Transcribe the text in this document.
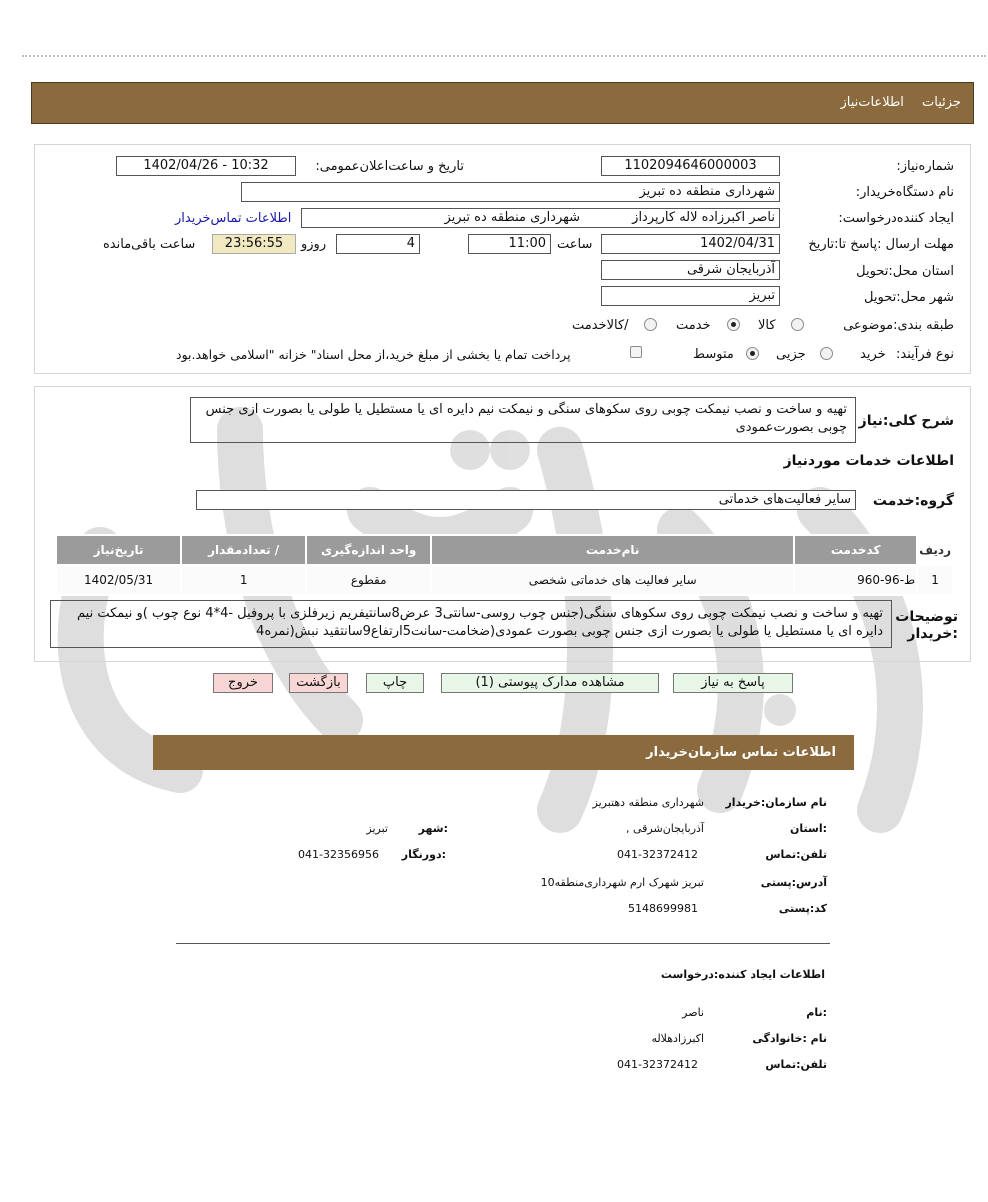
جزئیات اطلاعات‌نیاز
شماره‌نیاز:
1102094646000003
تاریخ و ساعت‌اعلان‌عمومی:
1402/04/26 - 10:32
نام دستگاه‌خریدار:
شهرداری منطقه ده تبریز
ایجاد کننده‌درخواست:
ناصر اکبرزاده لاله کارپرداز شهرداری منطقه ده تبریز
اطلاعات تماس‌خریدار
مهلت ارسال :پاسخ تا:تاریخ
1402/04/31
ساعت
11:00
4
روزو
23:56:55
ساعت باقی‌مانده
استان محل:تحویل
آذربایجان شرقی
شهر محل:تحویل
تبریز
طبقه بندی:موضوعی
کالا
خدمت
/کالاخدمت
نوع فرآیند:
خرید
جزیی
متوسط
پرداخت تمام یا بخشی از مبلغ خرید،از محل اسناد" خزانه "اسلامی خواهد.بود
شرح کلی:نیاز
تهیه و ساخت و نصب نیمکت چوبی روی سکوهای سنگی و نیمکت نیم دایره ای یا مستطیل یا طولی یا بصورت ازی جنس چوبی بصورت‌عمودی
اطلاعات خدمات موردنیاز
گروه:خدمت
سایر فعالیت‌های خدماتی
ردیف	کدخدمت	نام‌خدمت	واحد اندازه‌گیری	/ تعدادمقدار	تاریخ‌نیاز
1	ط-96-960	سایر فعالیت های خدماتی شخصی	مقطوع	1	1402/05/31
توضیحات :خریدار
تهیه و ساخت و نصب نیمکت چوبی روی سکوهای سنگی(جنس چوب روسی-سانتی3 عرض8سانتیفریم زیرفلزی با پروفیل -4*4 نوع چوب )و نیمکت نیم دایره ای یا مستطیل یا طولی یا بصورت ازی جنس چوبی بصورت عمودی(ضخامت-سانت5ارتفاع9سانتقید نبش(نمره4
پاسخ به نیاز
مشاهده مدارک پیوستی (1)
چاپ
بازگشت
خروج
اطلاعات تماس سازمان‌خریدار
نام سازمان:خریدار
شهرداری منطقه دهتبریز
:استان
آذربایجان‌شرقی ,
:شهر
تبریز
تلفن:تماس
041-32372412
:دورنگار
041-32356956
آدرس:پستی
تبریز شهرک ارم شهرداری‌منطقه10
کد:پستی
5148699981
اطلاعات ایجاد کننده:درخواست
:نام
ناصر
نام :خانوادگی
اکبرزادهلاله
تلفن:تماس
041-32372412
